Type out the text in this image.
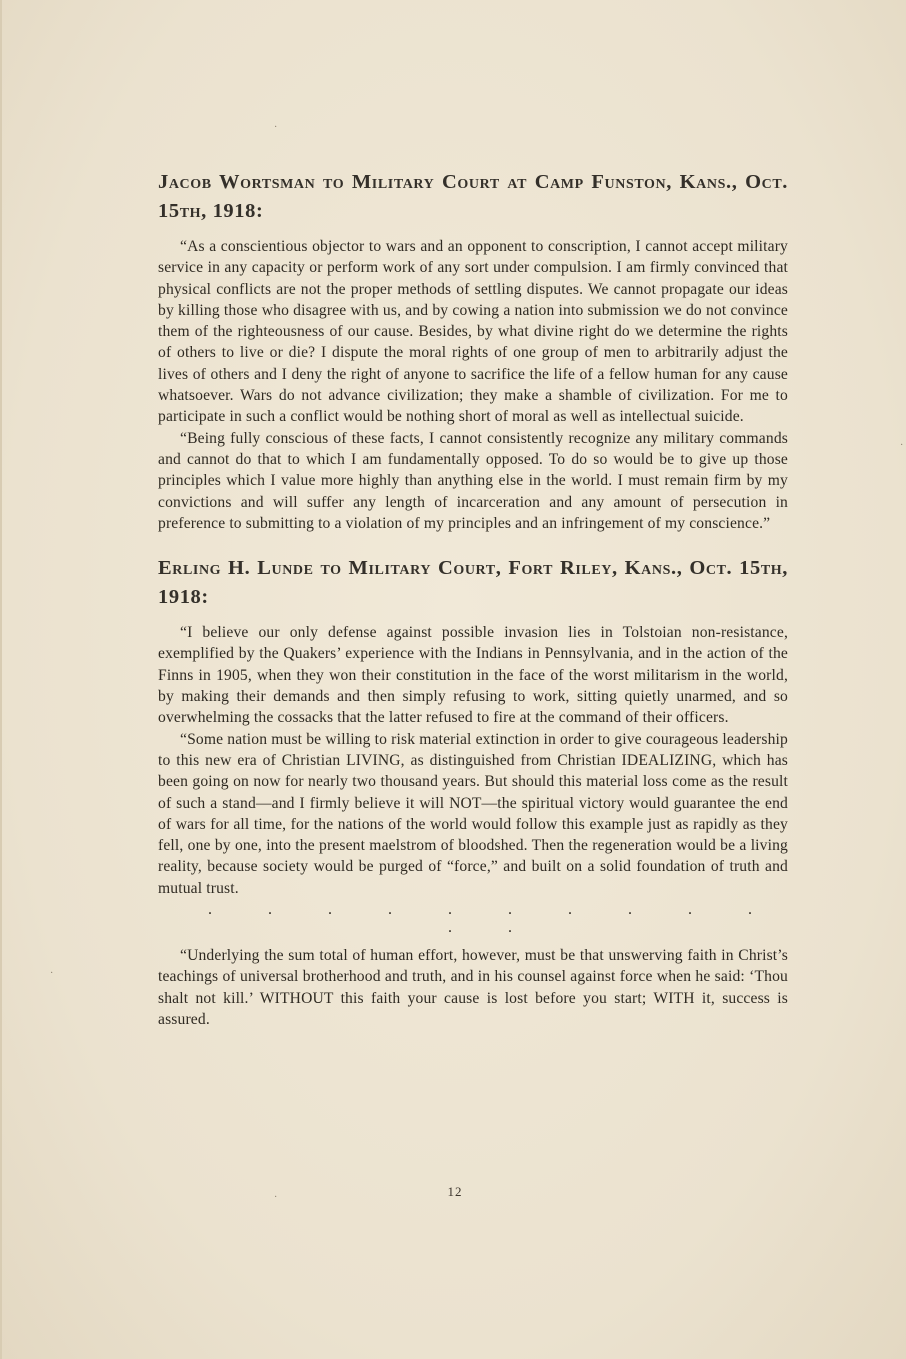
Jacob Wortsman to Military Court at Camp Funston, Kans., Oct. 15th, 1918:

“As a conscientious objector to wars and an opponent to conscription, I cannot accept military service in any capacity or perform work of any sort under compulsion. I am firmly convinced that physical conflicts are not the proper methods of settling disputes. We cannot propagate our ideas by killing those who disagree with us, and by cowing a nation into submission we do not convince them of the righteousness of our cause. Besides, by what divine right do we determine the rights of others to live or die? I dispute the moral rights of one group of men to arbitrarily adjust the lives of others and I deny the right of anyone to sacrifice the life of a fellow human for any cause whatsoever. Wars do not advance civilization; they make a shamble of civilization. For me to participate in such a conflict would be nothing short of moral as well as intellectual suicide.

“Being fully conscious of these facts, I cannot consistently recognize any military commands and cannot do that to which I am fundamentally opposed. To do so would be to give up those principles which I value more highly than anything else in the world. I must remain firm by my convictions and will suffer any length of incarceration and any amount of persecution in preference to submitting to a violation of my principles and an infringement of my conscience.”

Erling H. Lunde to Military Court, Fort Riley, Kans., Oct. 15th, 1918:

“I believe our only defense against possible invasion lies in Tolstoian non-resistance, exemplified by the Quakers’ experience with the Indians in Pennsylvania, and in the action of the Finns in 1905, when they won their constitution in the face of the worst militarism in the world, by making their demands and then simply refusing to work, sitting quietly unarmed, and so overwhelming the cossacks that the latter refused to fire at the command of their officers.

“Some nation must be willing to risk material extinction in order to give courageous leadership to this new era of Christian LIVING, as distinguished from Christian IDEALIZING, which has been going on now for nearly two thousand years. But should this material loss come as the result of such a stand—and I firmly believe it will NOT—the spiritual victory would guarantee the end of wars for all time, for the nations of the world would follow this example just as rapidly as they fell, one by one, into the present maelstrom of bloodshed. Then the regeneration would be a living reality, because society would be purged of “force,” and built on a solid foundation of truth and mutual trust.

. . . . . . . . . . . .

“Underlying the sum total of human effort, however, must be that unswerving faith in Christ’s teachings of universal brotherhood and truth, and in his counsel against force when he said: ‘Thou shalt not kill.’ WITHOUT this faith your cause is lost before you start; WITH it, success is assured.

12
·
·
·
·
